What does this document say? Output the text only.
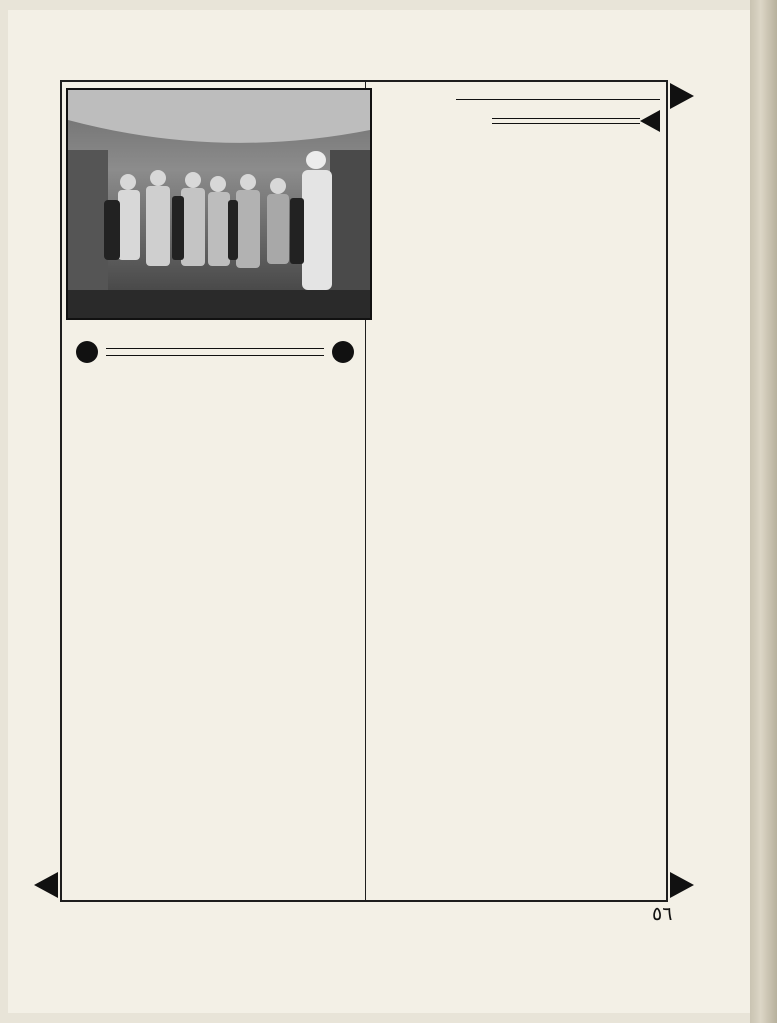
٥٦
